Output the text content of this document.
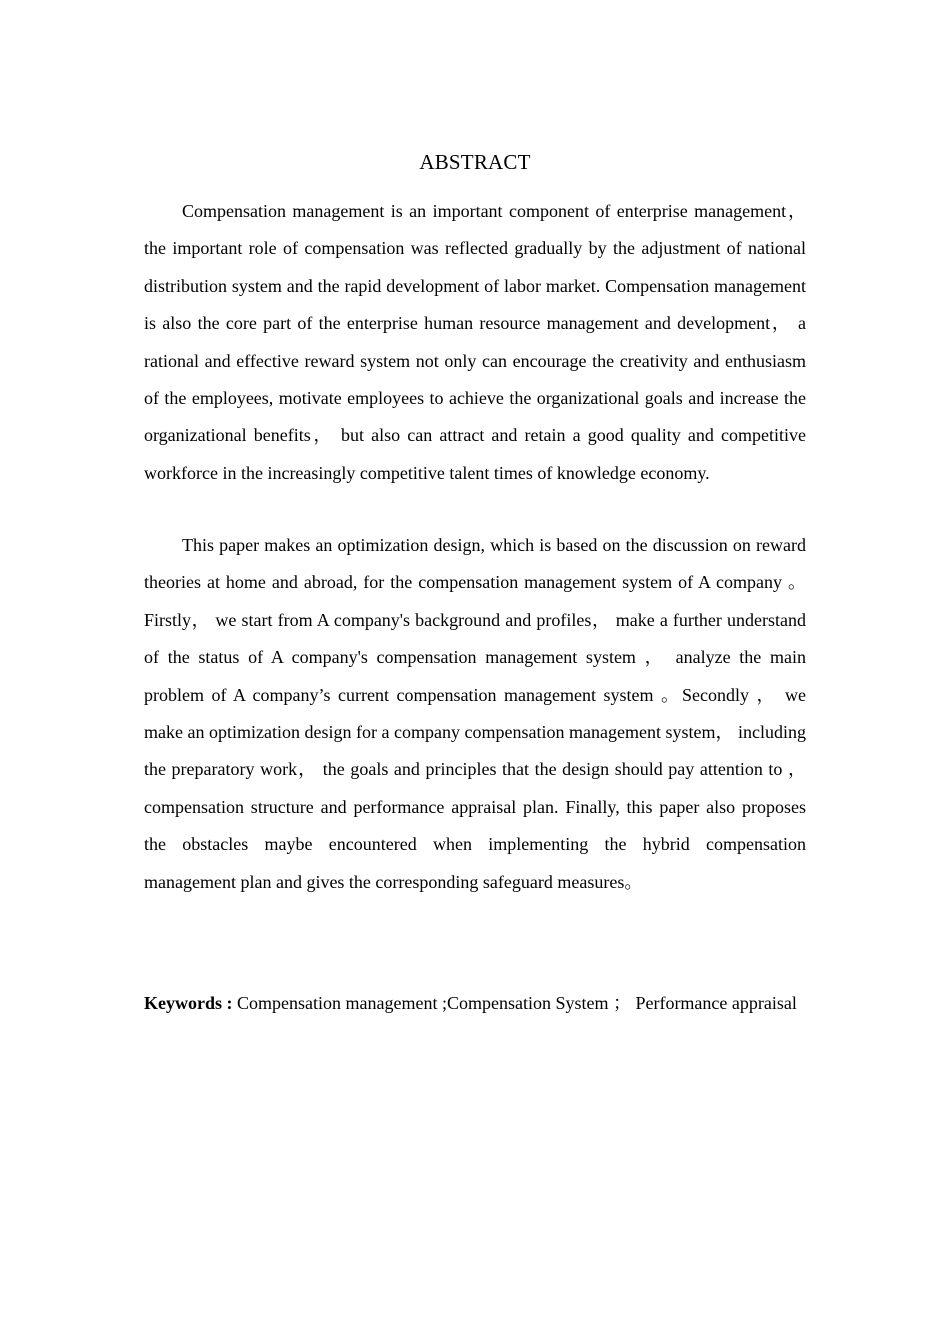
ABSTRACT

Compensation management is an important component of enterprise management， the important role of compensation was reflected gradually by the adjustment of national distribution system and the rapid development of labor market. Compensation management is also the core part of the enterprise human resource management and development， a rational and effective reward system not only can encourage the creativity and enthusiasm of the employees, motivate employees to achieve the organizational goals and increase the organizational benefits， but also can attract and retain a good quality and competitive workforce in the increasingly competitive talent times of knowledge economy.

This paper makes an optimization design, which is based on the discussion on reward theories at home and abroad, for the compensation management system of A company 。Firstly， we start from A company's background and profiles， make a further understand of the status of A company's compensation management system ， analyze the main problem of A company’s current compensation management system 。Secondly ， we make an optimization design for a company compensation management system， including the preparatory work， the goals and principles that the design should pay attention to ， compensation structure and performance appraisal plan. Finally, this paper also proposes the obstacles maybe encountered when implementing the hybrid compensation management plan and gives the corresponding safeguard measures。

Keywords : Compensation management ;Compensation System ； Performance appraisal
